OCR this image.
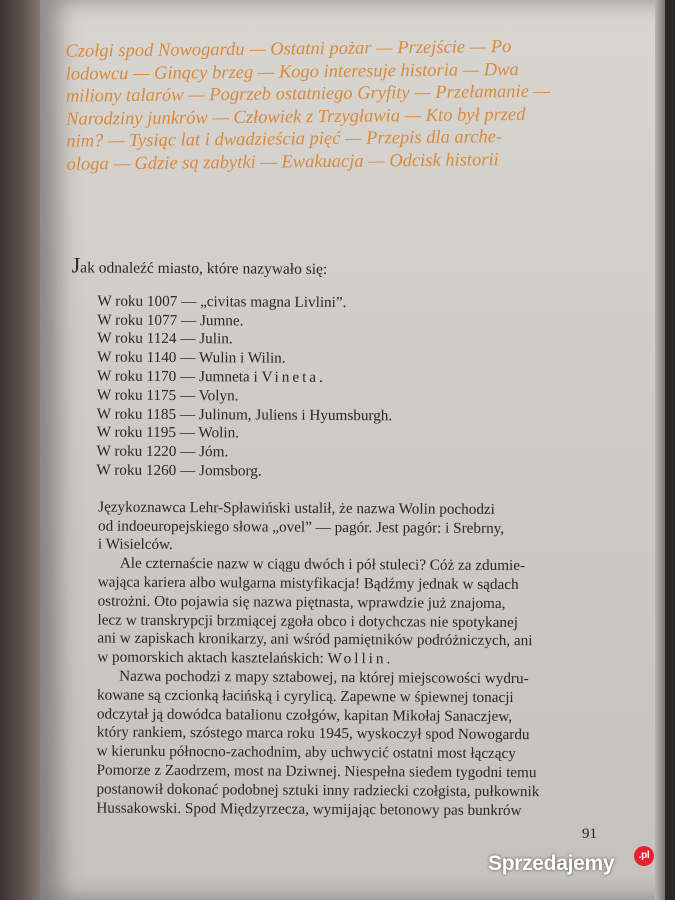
Czołgi spod Nowogardu — Ostatni pożar — Przejście — Po
lodowcu — Ginący brzeg — Kogo interesuje historia — Dwa
miliony talarów — Pogrzeb ostatniego Gryfity — Przełamanie —
Narodziny junkrów — Człowiek z Trzygławia — Kto był przed
nim? — Tysiąc lat i dwadzieścia pięć — Przepis dla arche-
ologa — Gdzie są zabytki — Ewakuacja — Odcisk historii
Jak odnaleźć miasto, które nazywało się:
W roku 1007 — „civitas magna Livlini”.
W roku 1077 — Jumne.
W roku 1124 — Julin.
W roku 1140 — Wulin i Wilin.
W roku 1170 — Jumneta i Vineta.
W roku 1175 — Volyn.
W roku 1185 — Julinum, Juliens i Hyumsburgh.
W roku 1195 — Wolin.
W roku 1220 — Jóm.
W roku 1260 — Jomsborg.

Językoznawca Lehr-Spławiński ustalił, że nazwa Wolin pochodzi
od indoeuropejskiego słowa „ovel” — pagór. Jest pagór: i Srebrny,
i Wisielców.

Ale czternaście nazw w ciągu dwóch i pół stuleci? Cóż za zdumie-
wająca kariera albo wulgarna mistyfikacja! Bądźmy jednak w sądach
ostrożni. Oto pojawia się nazwa piętnasta, wprawdzie już znajoma,
lecz w transkrypcji brzmiącej zgoła obco i dotychczas nie spotykanej
ani w zapiskach kronikarzy, ani wśród pamiętników podróżniczych, ani
w pomorskich aktach kasztelańskich: Wollin.

Nazwa pochodzi z mapy sztabowej, na której miejscowości wydru-
kowane są czcionką łacińską i cyrylicą. Zapewne w śpiewnej tonacji
odczytał ją dowódca batalionu czołgów, kapitan Mikołaj Sanaczjew,
który rankiem, szóstego marca roku 1945, wyskoczył spod Nowogardu
w kierunku północno-zachodnim, aby uchwycić ostatni most łączący
Pomorze z Zaodrzem, most na Dziwnej. Niespełna siedem tygodni temu
postanowił dokonać podobnej sztuki inny radziecki czołgista, pułkownik
Hussakowski. Spod Międzyrzecza, wymijając betonowy pas bunkrów

91
Sprzedajemy	.pl
